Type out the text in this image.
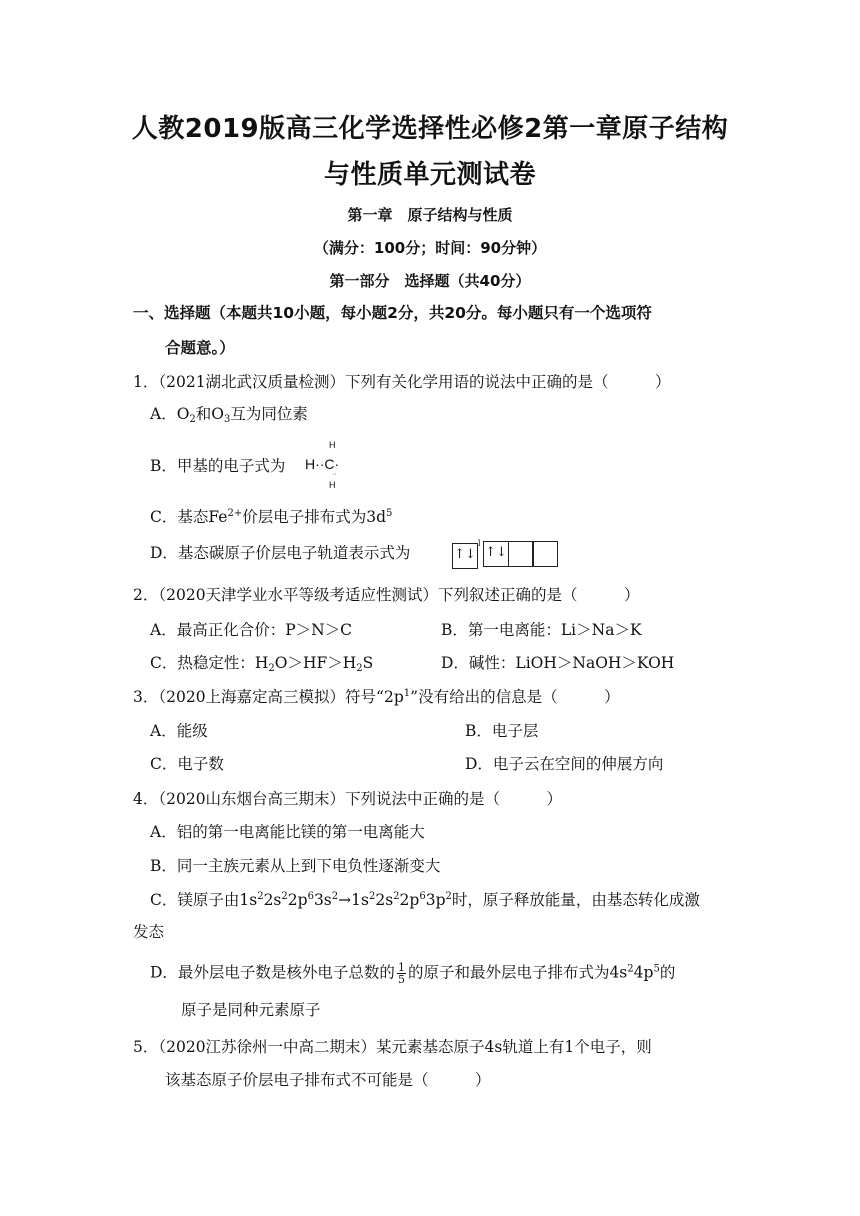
人教2019版高三化学选择性必修2第一章原子结构
与性质单元测试卷
第一章　原子结构与性质
（满分：100分；时间：90分钟）
第一部分　选择题（共40分）
一、选择题（本题共10小题，每小题2分，共20分。每小题只有一个选项符
合题意。）
1．（2021湖北武汉质量检测）下列有关化学用语的说法中正确的是（　　　）
A．$O_2$和$O_3$互为同位素
B．甲基的电子式为
H
H··C·
··
H
C．基态$Fe^{2+}$价层电子排布式为$3d^5$
D．基态碳原子价层电子轨道表示式为	↑↓
l
↑↓
2．（2020天津学业水平等级考适应性测试）下列叙述正确的是（　　　）
A．最高正化合价：P＞N＞C	B．第一电离能：Li＞Na＞K
C．热稳定性：$H_2O>HF>H_2S$	D．碱性：LiOH＞NaOH＞KOH
3．（2020上海嘉定高三模拟）符号“$2p^1$”没有给出的信息是（　　　）
A．能级	B．电子层
C．电子数	D．电子云在空间的伸展方向
4．（2020山东烟台高三期末）下列说法中正确的是（　　　）
A．铝的第一电离能比镁的第一电离能大
B．同一主族元素从上到下电负性逐渐变大
C．镁原子由$1s^22s^22p^63s^2\to 1s^22s^22p^63p^2$时，原子释放能量，由基态转化成激
发态
D．最外层电子数是核外电子总数的 $\frac{1}{5}$ 的原子和最外层电子排布式为$4s^24p^5$的
原子是同种元素原子
5．（2020江苏徐州一中高二期末）某元素基态原子4s轨道上有1个电子，则
该基态原子价层电子排布式不可能是（　　　）
